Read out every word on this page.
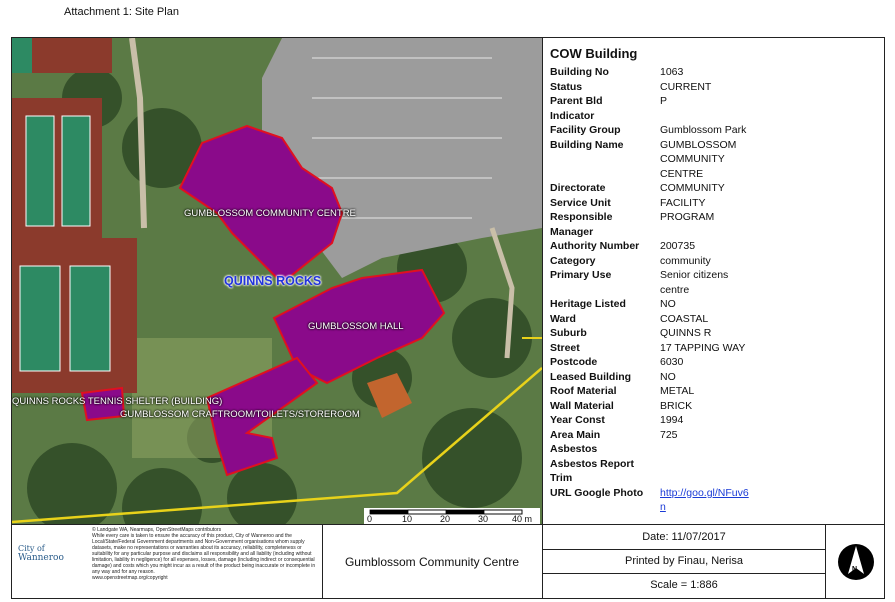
Attachment 1: Site Plan
GUMBLOSSOM COMMUNITY CENTRE
GUMBLOSSOM HALL
QUINNS ROCKS TENNIS SHELTER (BUILDING)
GUMBLOSSOM CRAFTROOM/TOILETS/STOREROOM
QUINNS ROCKS
0	10	20	30	40 m
COW Building
Building No	1063
Status	CURRENT
Parent Bld
Indicator	P
Facility Group	Gumblossom Park
Building Name	GUMBLOSSOM
COMMUNITY
CENTRE
Directorate	COMMUNITY
Service Unit	FACILITY
Responsible
Manager	PROGRAM
Authority Number	200735
Category	community
Primary Use	Senior citizens
centre
Heritage Listed	NO
Ward	COASTAL
Suburb	QUINNS R
Street	17 TAPPING WAY
Postcode	6030
Leased Building	NO
Roof Material	METAL
Wall Material	BRICK
Year Const	1994
Area Main	725
Asbestos	
Asbestos Report	
Trim	
URL Google Photo	http://goo.gl/NFuv6
n
City of
Wanneroo
© Landgate WA, Nearmaps, OpenStreetMaps contributors
While every care is taken to ensure the accuracy of this product, City of Wanneroo and the Local/State/Federal Government departments and Non-Government organisations whom supply datasets, make no representations or warranties about its accuracy, reliability, completeness or suitability for any particular purpose and disclaims all responsibility and all liability (including without limitation, liability in negligence) for all expenses, losses, damage (including indirect or consequential damage) and costs which you might incur as a result of the product being inaccurate or incomplete in any way and for any reason.
www.openstreetmap.org/copyright
Gumblossom Community Centre
Date: 11/07/2017
Printed by Finau, Nerisa
Scale = 1:886
N
